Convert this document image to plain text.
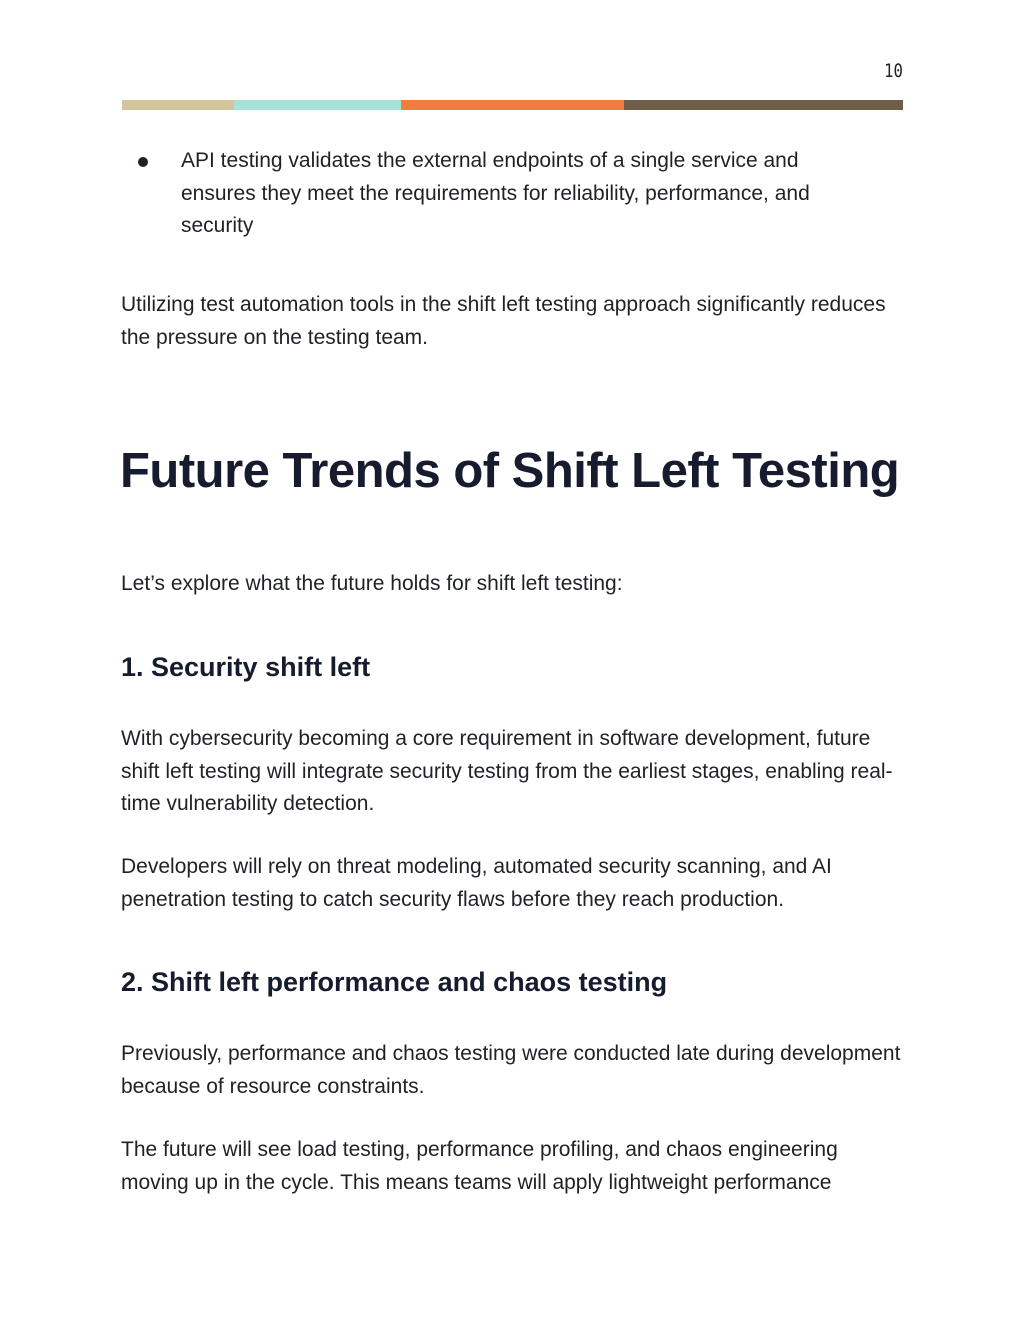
10
API testing validates the external endpoints of a single service and ensures they meet the requirements for reliability, performance, and security

Utilizing test automation tools in the shift left testing approach significantly reduces the pressure on the testing team.

Future Trends of Shift Left Testing

Let’s explore what the future holds for shift left testing:

1. Security shift left

With cybersecurity becoming a core requirement in software development, future shift left testing will integrate security testing from the earliest stages, enabling real-time vulnerability detection.

Developers will rely on threat modeling, automated security scanning, and AI penetration testing to catch security flaws before they reach production.

2. Shift left performance and chaos testing

Previously, performance and chaos testing were conducted late during development because of resource constraints.

The future will see load testing, performance profiling, and chaos engineering moving up in the cycle. This means teams will apply lightweight performance
